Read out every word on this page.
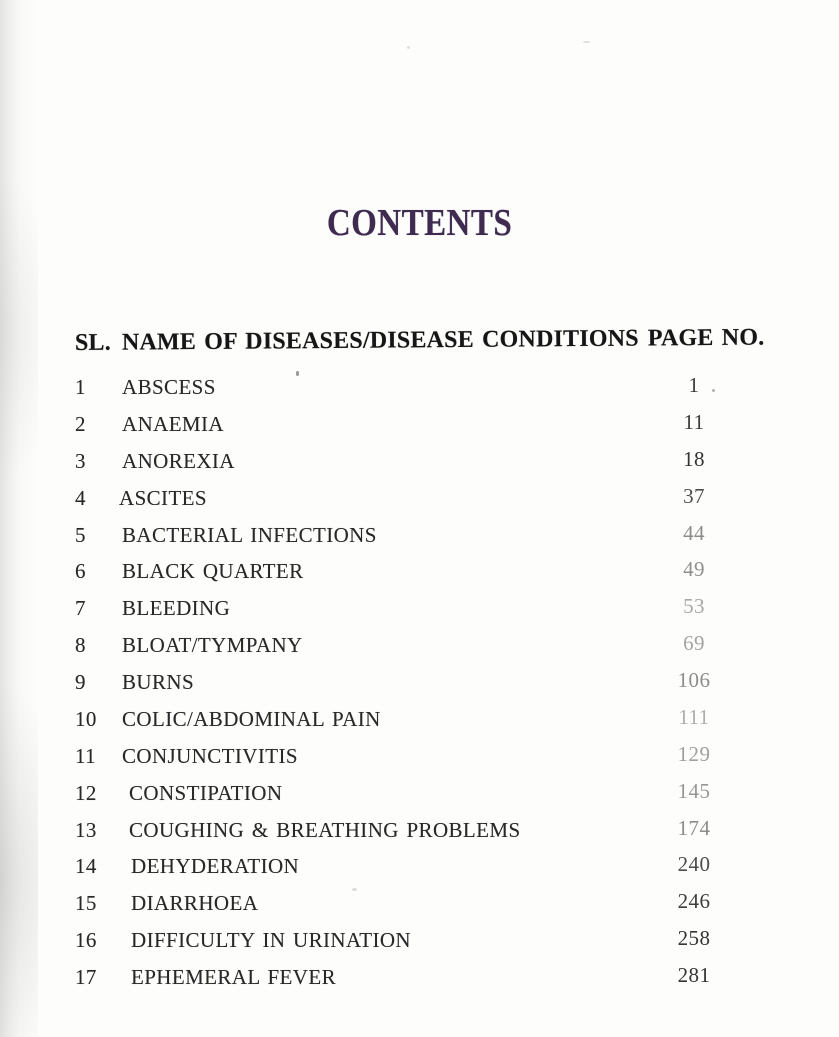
CONTENTS
SL. NAME OF DISEASES/DISEASE CONDITIONS PAGE NO.
1	ABSCESS	1
2	ANAEMIA	11
3	ANOREXIA	18
4	ASCITES	37
5	BACTERIAL INFECTIONS	44
6	BLACK QUARTER	49
7	BLEEDING	53
8	BLOAT/TYMPANY	69
9	BURNS	106
10	COLIC/ABDOMINAL PAIN	111
11	CONJUNCTIVITIS	129
12	CONSTIPATION	145
13	COUGHING & BREATHING PROBLEMS	174
14	DEHYDERATION	240
15	DIARRHOEA	246
16	DIFFICULTY IN URINATION	258
17	EPHEMERAL FEVER	281
